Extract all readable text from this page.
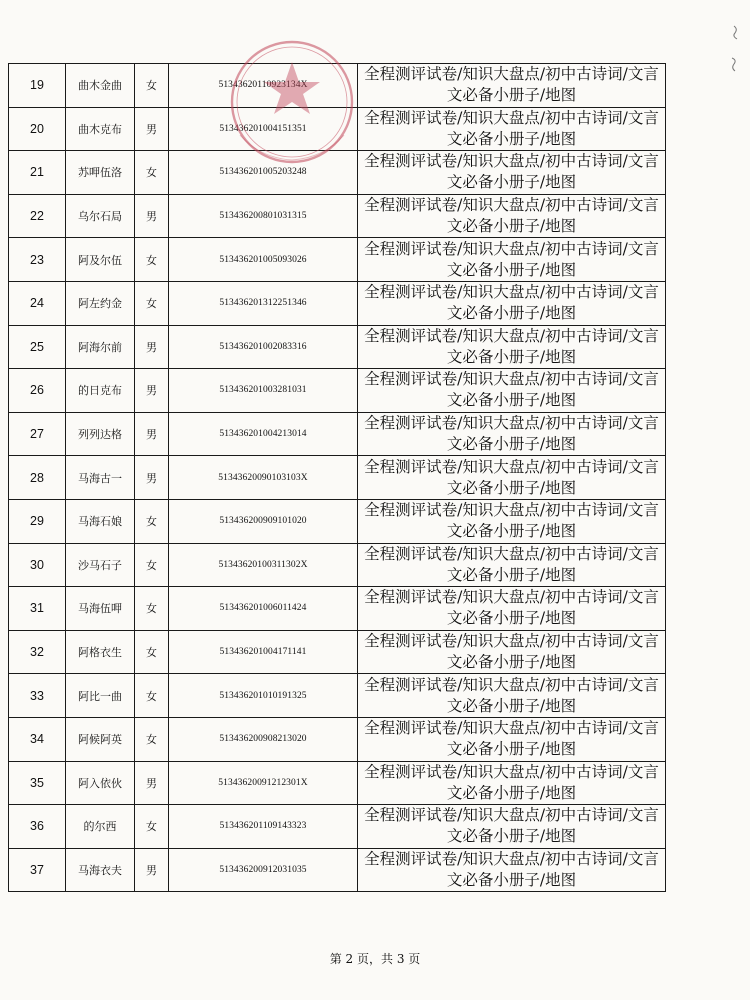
19	曲木金曲	女	51343620110923134X	全程测评试卷/知识大盘点/初中古诗词/文言文必备小册子/地图
20	曲木克布	男	513436201004151351	全程测评试卷/知识大盘点/初中古诗词/文言文必备小册子/地图
21	苏呷伍洛	女	513436201005203248	全程测评试卷/知识大盘点/初中古诗词/文言文必备小册子/地图
22	乌尔石局	男	513436200801031315	全程测评试卷/知识大盘点/初中古诗词/文言文必备小册子/地图
23	阿及尔伍	女	513436201005093026	全程测评试卷/知识大盘点/初中古诗词/文言文必备小册子/地图
24	阿左约金	女	513436201312251346	全程测评试卷/知识大盘点/初中古诗词/文言文必备小册子/地图
25	阿海尔前	男	513436201002083316	全程测评试卷/知识大盘点/初中古诗词/文言文必备小册子/地图
26	的日克布	男	513436201003281031	全程测评试卷/知识大盘点/初中古诗词/文言文必备小册子/地图
27	列列达格	男	513436201004213014	全程测评试卷/知识大盘点/初中古诗词/文言文必备小册子/地图
28	马海古一	男	51343620090103103X	全程测评试卷/知识大盘点/初中古诗词/文言文必备小册子/地图
29	马海石娘	女	513436200909101020	全程测评试卷/知识大盘点/初中古诗词/文言文必备小册子/地图
30	沙马石子	女	51343620100311302X	全程测评试卷/知识大盘点/初中古诗词/文言文必备小册子/地图
31	马海伍呷	女	513436201006011424	全程测评试卷/知识大盘点/初中古诗词/文言文必备小册子/地图
32	阿格衣生	女	513436201004171141	全程测评试卷/知识大盘点/初中古诗词/文言文必备小册子/地图
33	阿比一曲	女	513436201010191325	全程测评试卷/知识大盘点/初中古诗词/文言文必备小册子/地图
34	阿候阿英	女	513436200908213020	全程测评试卷/知识大盘点/初中古诗词/文言文必备小册子/地图
35	阿入依伙	男	51343620091212301X	全程测评试卷/知识大盘点/初中古诗词/文言文必备小册子/地图
36	的尔西	女	513436201109143323	全程测评试卷/知识大盘点/初中古诗词/文言文必备小册子/地图
37	马海衣夫	男	513436200912031035	全程测评试卷/知识大盘点/初中古诗词/文言文必备小册子/地图
第 2 页，共 3 页
